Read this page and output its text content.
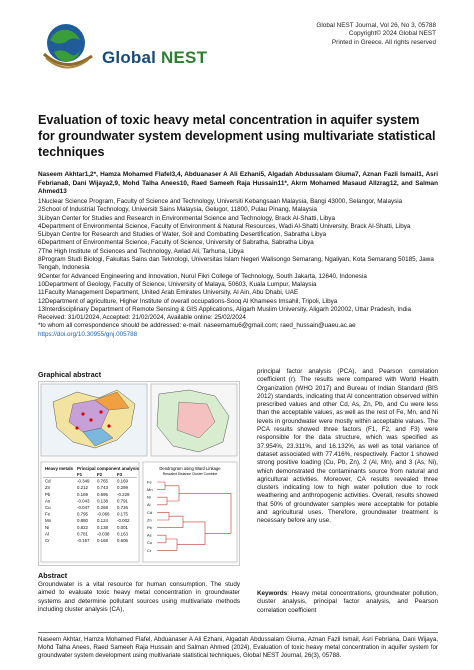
Global NEST
Global NEST Journal, Vol 26, No 3, 05788
Copyright© 2024 Global NEST
Printed in Greece. All rights reserved
Evaluation of toxic heavy metal concentration in aquifer system for groundwater system development using multivariate statistical techniques
Naseem Akhtar1,2*, Hamza Mohamed Flafel3,4, Abduanaser A Ali Ezhani5, Algadah Abdussalam Giuma7, Aznan Fazli Ismail1, Asri Febriana8, Dani Wijaya2,9, Mohd Talha Anees10, Raed Sameeh Raja Hussain11*, Akrm Mohamed Masaud Allzrag12, and Salman Ahmed13
1Nuclear Science Program, Faculty of Science and Technology, Universiti Kebangsaan Malaysia, Bangi 43000, Selangor, Malaysia
2School of Industrial Technology, Universiti Sains Malaysia, Gelugor, 11800, Pulau Pinang, Malaysia
3Libyan Center for Studies and Research in Environmental Science and Technology, Brack Al-Shatti, Libya
4Department of Environmental Science, Faculty of Environment & Natural Resources, Wadi Al-Shatti University, Brack Al-Shatti, Libya
5Libyan Centre for Research and Studies of Water, Soil and Combatting Desertification, Sabratha Libya
6Department of Environmental Science, Faculty of Science, University of Sabratha, Sabratha Libya
7The High Institute of Sciences and Technology, Awlad Ali, Tarhuna, Libya
8Program Studi Biologi, Fakultas Sains dan Teknologi, Universitas Islam Negeri Walisongo Semarang, Ngaliyan, Kota Semarang 50185, Jawa Tengah, Indonesia
9Center for Advanced Engineering and Innovation, Nurul Fikri College of Technology, South Jakarta, 12640, Indonesia
10Department of Geology, Faculty of Science, University of Malaya, 50603, Kuala Lumpur, Malaysia
11Faculty Management Department, United Arab Emirates University, Al Ain, Abu Dhabi, UAE
12Department of agriculture, Higher Institute of overall occupations-Sooq Al Khamees Imsahil, Tripoli, Libya
13Interdisciplinary Department of Remote Sensing & GIS Applications, Aligarh Muslim University, Aligarh 202002, Uttar Pradesh, India
Received: 31/01/2024, Accepted: 21/02/2024, Available online: 25/02/2024
*to whom all correspondence should be addressed: e-mail: naseemamu6@gmail.com; raed_hussain@uaeu.ac.ae
https://doi.org/10.30955/gnj.005788
Graphical abstract
Heavy metals Principal component analysis
F1	F2	F3
Cd	-0.349 0.765 0.169
Zn	0.212 0.743 0.299
Pb	0.169 0.695 -0.229
As	-0.043 0.138 0.791
Cu	-0.047 0.268 0.726
Fe	0.795 -0.066 0.175
Mn	0.880 0.124 -0.002
Ni	0.822 0.138 0.001
Al	0.781 -0.038 0.163
Cr	-0.157 0.168 0.606
Dendrogram using Ward Linkage
Rescaled Distance Cluster Combine
Fe
Mn
Ni
Al
Cd
Zn
Pb
As
Cu
Cr
principal factor analysis (PCA), and Pearson correlation coefficient (r). The results were compared with World Health Organization (WHO 2017) and Bureau of Indian Standard (BIS 2012) standards, indicating that Al concentration observed within prescribed values and other Cd, As, Zn, Pb, and Cu were less than the acceptable values, as well as the rest of Fe, Mn, and Ni levels in groundwater were mostly within acceptable values. The PCA results showed three factors (F1, F2, and F3) were responsible for the data structure, which was specified as 37.954%, 23.311%, and 16.132%, as well as total variance of dataset associated with 77.416%, respectively. Factor 1 showed strong positive loading (Cu, Pb, Zn), 2 (Al, Mn), and 3 (As, Ni), which demonstrated the contaminants source from natural and agricultural activities. Moreover, CA results revealed three clusters indicating low to high water pollution due to rock weathering and anthropogenic activities. Overall, results showed that 50% of groundwater samples were acceptable for potable and agricultural uses. Therefore, groundwater treatment is necessary before any use.
Keywords: Heavy metal concentrations, groundwater pollution, cluster analysis, principal factor analysis, and Pearson correlation coefficient
Abstract
Groundwater is a vital resource for human consumption. The study aimed to evaluate toxic heavy metal concentration in groundwater systems and determine pollutant sources using multivariate methods including cluster analysis (CA),
Naseem Akhtar, Hamza Mohamed Flafel, Abduanaser A Ali Ezhani, Algadah Abdussalam Giuma, Aznan Fazli Ismail, Asri Febriana, Dani Wijaya, Mohd Talha Anees, Raed Sameeh Raja Hussain and Salman Ahmed (2024), Evaluation of toxic heavy metal concentration in aquifer system for groundwater system development using multivariate statistical techniques, Global NEST Journal, 26(3), 05788.
